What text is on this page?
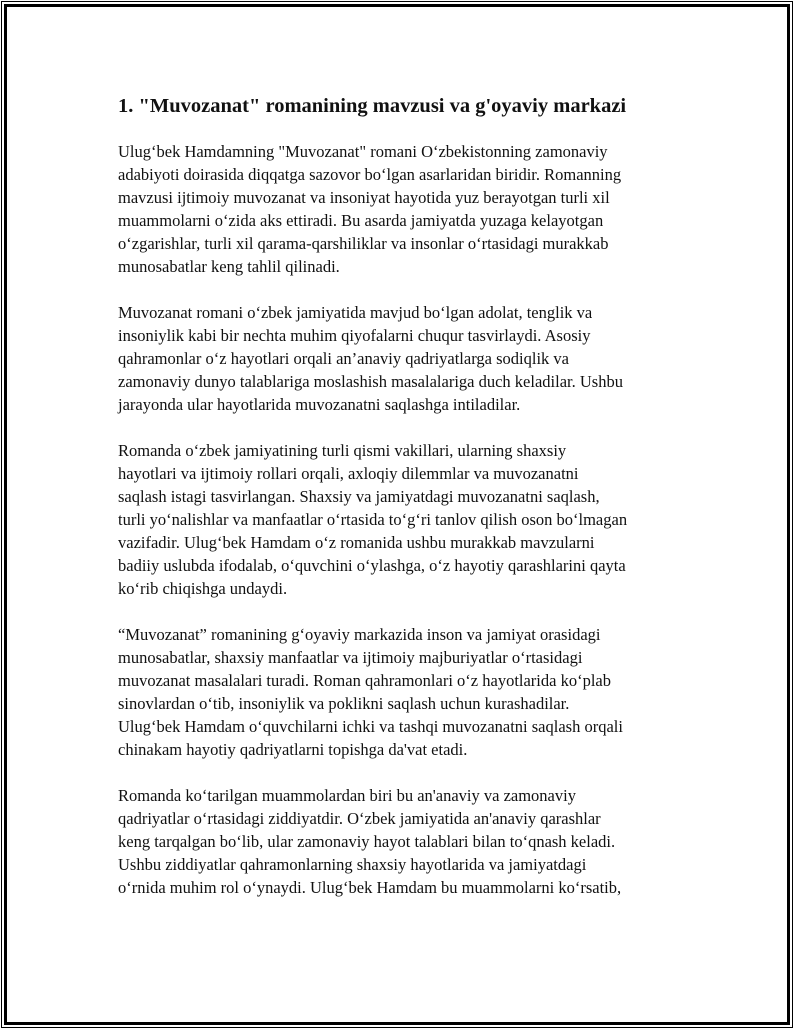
1. "Muvozanat" romanining mavzusi va g'oyaviy markazi
Ulug‘bek Hamdamning "Muvozanat" romani O‘zbekistonning zamonaviy
adabiyoti doirasida diqqatga sazovor bo‘lgan asarlaridan biridir. Romanning
mavzusi ijtimoiy muvozanat va insoniyat hayotida yuz berayotgan turli xil
muammolarni o‘zida aks ettiradi. Bu asarda jamiyatda yuzaga kelayotgan
o‘zgarishlar, turli xil qarama-qarshiliklar va insonlar o‘rtasidagi murakkab
munosabatlar keng tahlil qilinadi.
Muvozanat romani o‘zbek jamiyatida mavjud bo‘lgan adolat, tenglik va
insoniylik kabi bir nechta muhim qiyofalarni chuqur tasvirlaydi. Asosiy
qahramonlar o‘z hayotlari orqali an’anaviy qadriyatlarga sodiqlik va
zamonaviy dunyo talablariga moslashish masalalariga duch keladilar. Ushbu
jarayonda ular hayotlarida muvozanatni saqlashga intiladilar.
Romanda o‘zbek jamiyatining turli qismi vakillari, ularning shaxsiy
hayotlari va ijtimoiy rollari orqali, axloqiy dilemmlar va muvozanatni
saqlash istagi tasvirlangan. Shaxsiy va jamiyatdagi muvozanatni saqlash,
turli yo‘nalishlar va manfaatlar o‘rtasida to‘g‘ri tanlov qilish oson bo‘lmagan
vazifadir. Ulug‘bek Hamdam o‘z romanida ushbu murakkab mavzularni
badiiy uslubda ifodalab, o‘quvchini o‘ylashga, o‘z hayotiy qarashlarini qayta
ko‘rib chiqishga undaydi.
“Muvozanat” romanining g‘oyaviy markazida inson va jamiyat orasidagi
munosabatlar, shaxsiy manfaatlar va ijtimoiy majburiyatlar o‘rtasidagi
muvozanat masalalari turadi. Roman qahramonlari o‘z hayotlarida ko‘plab
sinovlardan o‘tib, insoniylik va poklikni saqlash uchun kurashadilar.
Ulug‘bek Hamdam o‘quvchilarni ichki va tashqi muvozanatni saqlash orqali
chinakam hayotiy qadriyatlarni topishga da'vat etadi.
Romanda ko‘tarilgan muammolardan biri bu an'anaviy va zamonaviy
qadriyatlar o‘rtasidagi ziddiyatdir. O‘zbek jamiyatida an'anaviy qarashlar
keng tarqalgan bo‘lib, ular zamonaviy hayot talablari bilan to‘qnash keladi.
Ushbu ziddiyatlar qahramonlarning shaxsiy hayotlarida va jamiyatdagi
o‘rnida muhim rol o‘ynaydi. Ulug‘bek Hamdam bu muammolarni ko‘rsatib,
